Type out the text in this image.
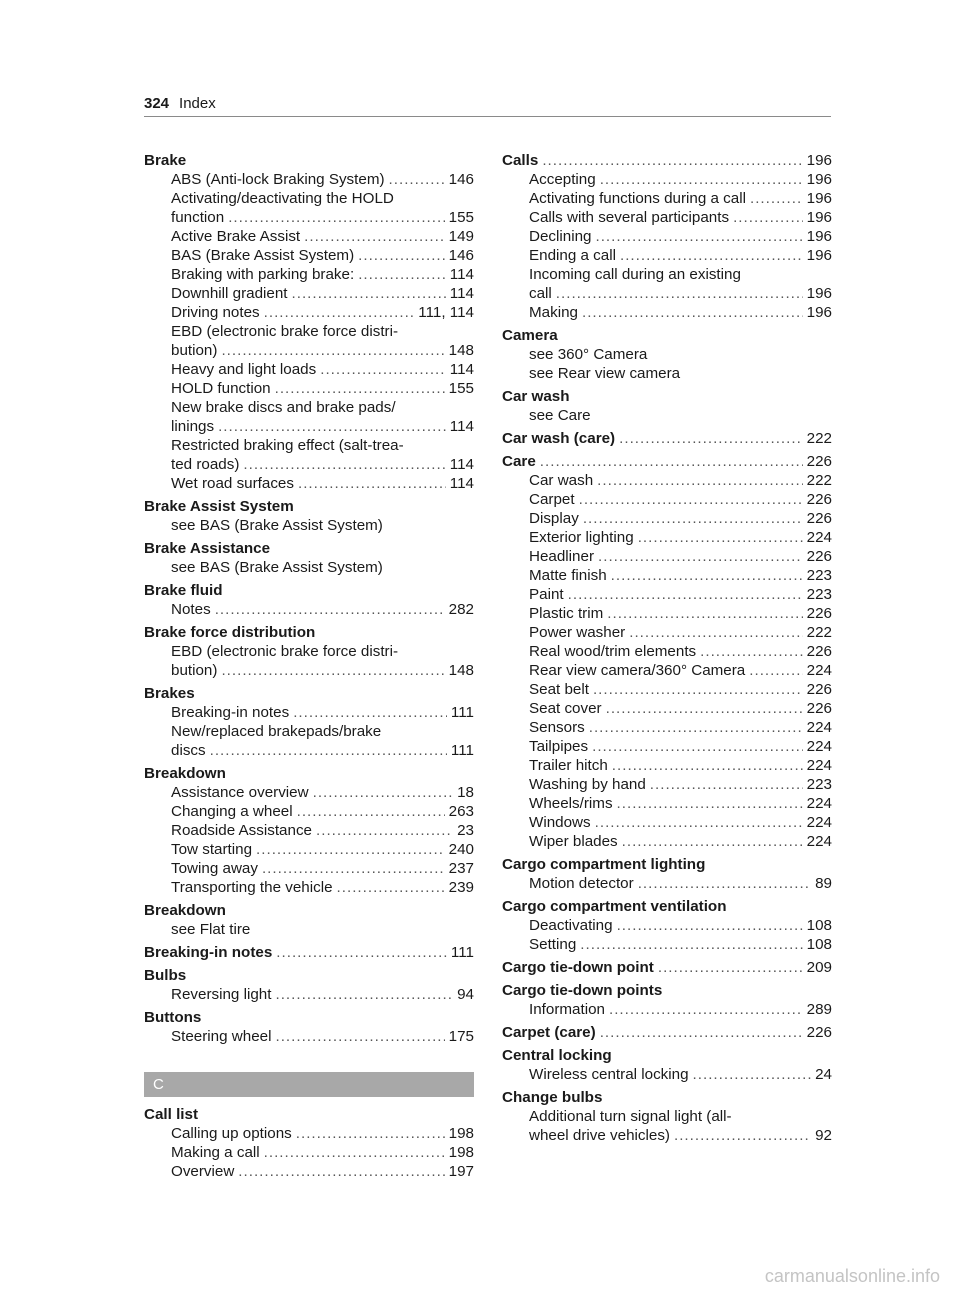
324 Index
Brake
ABS (Anti-lock Braking System) .....	146
Activating/deactivating the HOLD
function .....	155
Active Brake Assist .....	149
BAS (Brake Assist System) .....	146
Braking with parking brake: .....	114
Downhill gradient .....	114
Driving notes .....	111, 114
EBD (electronic brake force distri-
bution) .....	148
Heavy and light loads .....	114
HOLD function .....	155
New brake discs and brake pads/
linings .....	114
Restricted braking effect (salt-trea-
ted roads) .....	114
Wet road surfaces .....	114
Brake Assist System
see BAS (Brake Assist System)
Brake Assistance
see BAS (Brake Assist System)
Brake fluid
Notes .....	282
Brake force distribution
EBD (electronic brake force distri-
bution) .....	148
Brakes
Breaking-in notes .....	111
New/replaced brakepads/brake
discs .....	111
Breakdown
Assistance overview .....	18
Changing a wheel .....	263
Roadside Assistance .....	23
Tow starting .....	240
Towing away .....	237
Transporting the vehicle .....	239
Breakdown
see Flat tire
Breaking-in notes .....	111
Bulbs
Reversing light .....	94
Buttons
Steering wheel .....	175
C
Call list
Calling up options .....	198
Making a call .....	198
Overview .....	197
Calls .....	196
Accepting .....	196
Activating functions during a call .....	196
Calls with several participants .....	196
Declining .....	196
Ending a call .....	196
Incoming call during an existing
call .....	196
Making .....	196
Camera
see 360° Camera
see Rear view camera
Car wash
see Care
Car wash (care) .....	222
Care .....	226
Car wash .....	222
Carpet .....	226
Display .....	226
Exterior lighting .....	224
Headliner .....	226
Matte finish .....	223
Paint .....	223
Plastic trim .....	226
Power washer .....	222
Real wood/trim elements .....	226
Rear view camera/360° Camera .....	224
Seat belt .....	226
Seat cover .....	226
Sensors .....	224
Tailpipes .....	224
Trailer hitch .....	224
Washing by hand .....	223
Wheels/rims .....	224
Windows .....	224
Wiper blades .....	224
Cargo compartment lighting
Motion detector .....	89
Cargo compartment ventilation
Deactivating .....	108
Setting .....	108
Cargo tie-down point .....	209
Cargo tie-down points
Information .....	289
Carpet (care) .....	226
Central locking
Wireless central locking .....	24
Change bulbs
Additional turn signal light (all-
wheel drive vehicles) .....	92
carmanualsonline.info
